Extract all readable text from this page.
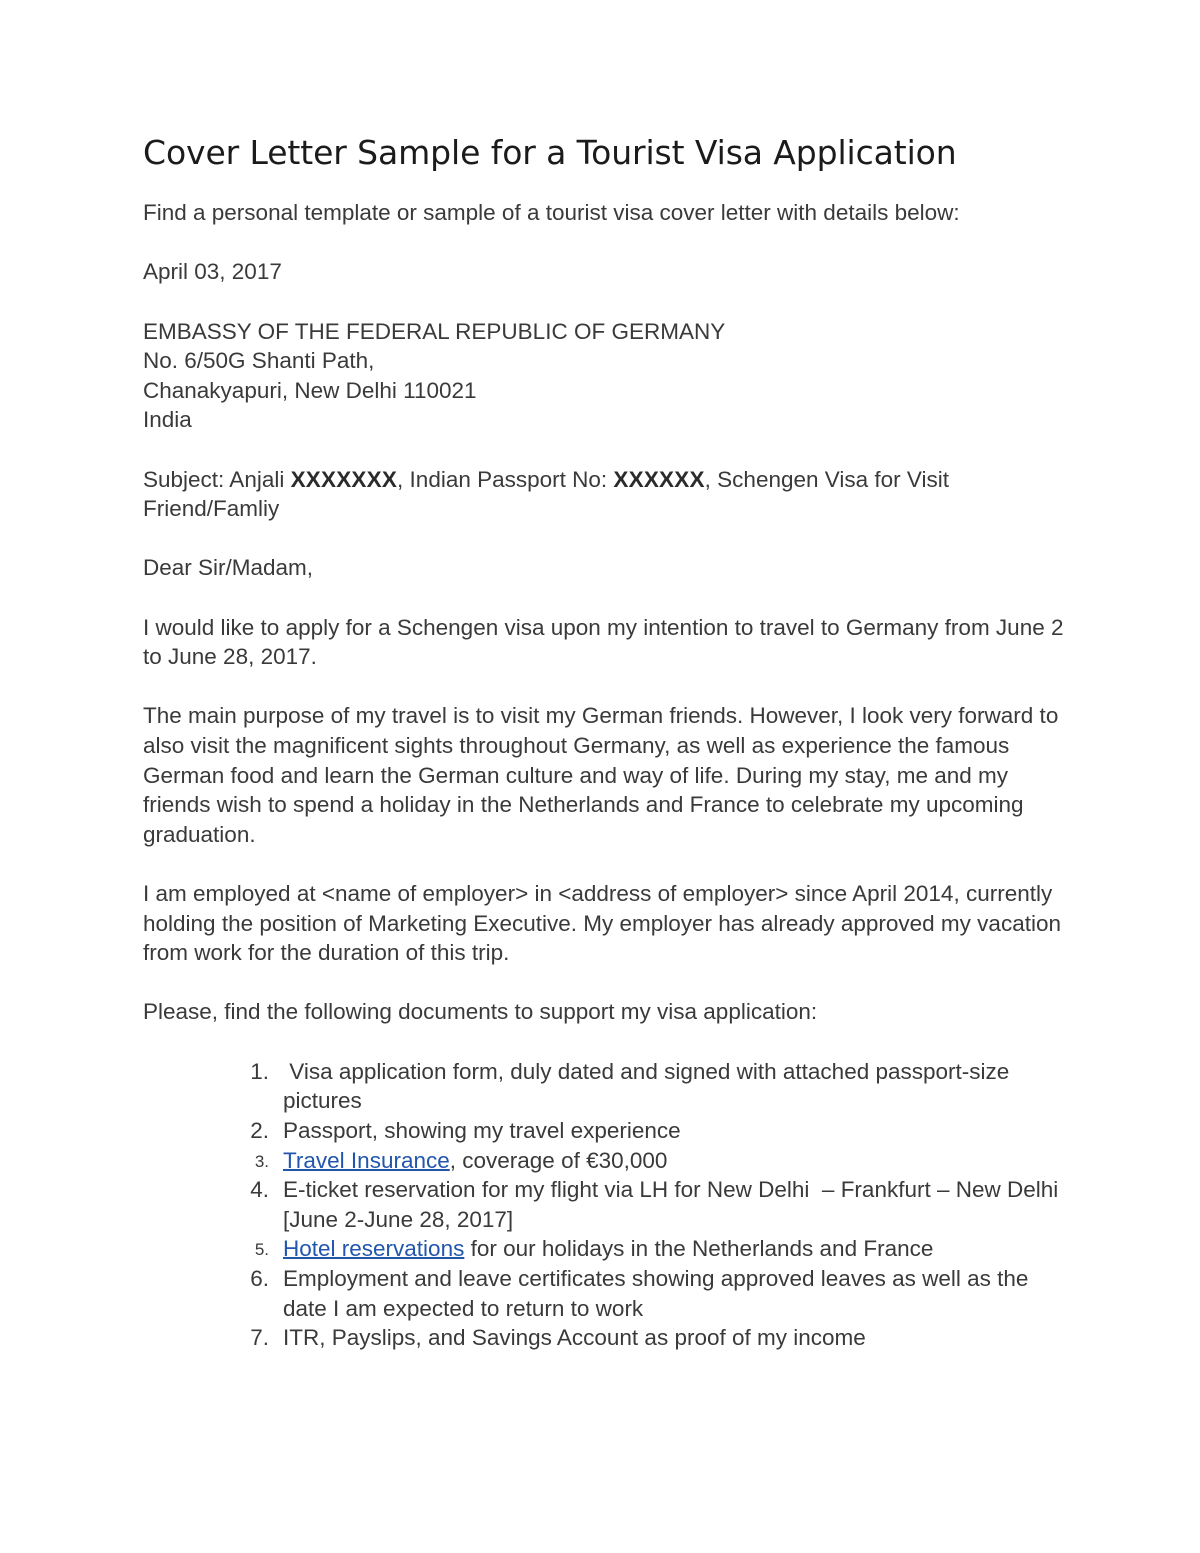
Cover Letter Sample for a Tourist Visa Application

Find a personal template or sample of a tourist visa cover letter with details below:

April 03, 2017

EMBASSY OF THE FEDERAL REPUBLIC OF GERMANY
No. 6/50G Shanti Path,
Chanakyapuri, New Delhi 110021
India

Subject: Anjali XXXXXXX, Indian Passport No: XXXXXX, Schengen Visa for Visit Friend/Famliy

Dear Sir/Madam,

I would like to apply for a Schengen visa upon my intention to travel to Germany from June 2 to June 28, 2017.

The main purpose of my travel is to visit my German friends. However, I look very forward to also visit the magnificent sights throughout Germany, as well as experience the famous German food and learn the German culture and way of life. During my stay, me and my friends wish to spend a holiday in the Netherlands and France to celebrate my upcoming graduation.

I am employed at <name of employer> in <address of employer> since April 2014, currently holding the position of Marketing Executive. My employer has already approved my vacation from work for the duration of this trip.

Please, find the following documents to support my visa application:

1. Visa application form, duly dated and signed with attached passport-size pictures
2. Passport, showing my travel experience
3. Travel Insurance, coverage of €30,000
4. E-ticket reservation for my flight via LH for New Delhi  – Frankfurt – New Delhi [June 2-June 28, 2017]
5. Hotel reservations for our holidays in the Netherlands and France
6. Employment and leave certificates showing approved leaves as well as the date I am expected to return to work
7. ITR, Payslips, and Savings Account as proof of my income
